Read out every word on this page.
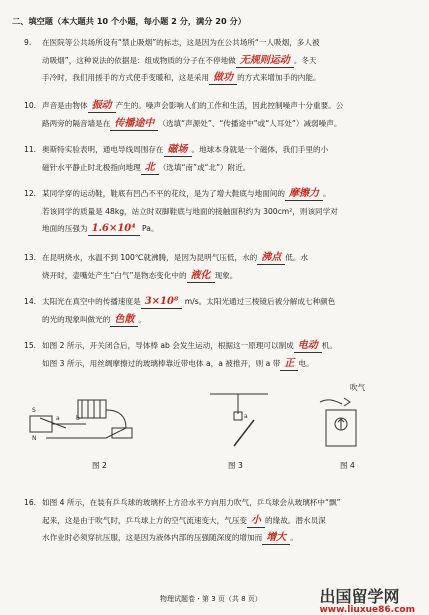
二、填空题（本大题共 10 个小题，每小题 2 分，满分 20 分）
9. 在医院等公共场所设有“禁止吸烟”的标志，这是因为在公共场所“一人吸烟，多人被
动吸烟”，这种说法的依据是：组成物质的分子在不停地做 无规则运动 。冬天
手冷时，我们用搓手的方式使手变暖和，这是采用 做功 的方式来增加手的内能。
10. 声音是由物体 振动 产生的。噪声会影响人们的工作和生活，因此控制噪声十分重要。公
路两旁的隔音墙是在 传播途中 （选填“声源处”、“传播途中”或“人耳处”）减弱噪声。
11. 奥斯特实验表明，通电导线周围存在 磁场 。地球本身就是一个磁体，我们手里的小
磁针水平静止时北极指向地理 北 （选填“南”或“北”）附近。
12. 某同学穿的运动鞋，鞋底有凹凸不平的花纹，是为了增大鞋底与地面间的 摩擦力 。
若该同学的质量是 48kg，站立时双脚鞋底与地面的接触面积约为 300cm²，则该同学对
地面的压强为 1.6×10⁴ Pa。
13. 在昆明烧水，水温不到 100℃就沸腾，是因为昆明气压低，水的 沸点 低。水
烧开时，壶嘴处产生“白气”是物态变化中的 液化 现象。
14. 太阳光在真空中的传播速度是 3×10⁸ m/s。太阳光通过三棱镜后被分解成七种颜色
的光的现象叫做光的 色散 。
15. 如图 2 所示，开关闭合后，导体棒 ab 会发生运动，根据这一原理可以制成 电动 机。
如图 3 所示，用丝绸摩擦过的玻璃棒靠近带电体 a，a 被推开，则 a 带 正 电。
S
N
a	b
图 2
a
图 3
吹气
图 4
16. 如图 4 所示，在装有乒乓球的玻璃杯上方沿水平方向用力吹气，乒乓球会从玻璃杯中“飘”
起来，这是由于吹气时，乒乓球上方的空气流速变大，气压变 小 的缘故。潜水员深
水作业时必须穿抗压服，这是因为液体内部的压强随深度的增加而 增大 。
物理试题卷・第 3 页（共 8 页）	出国留学网
www.liuxue86.com
